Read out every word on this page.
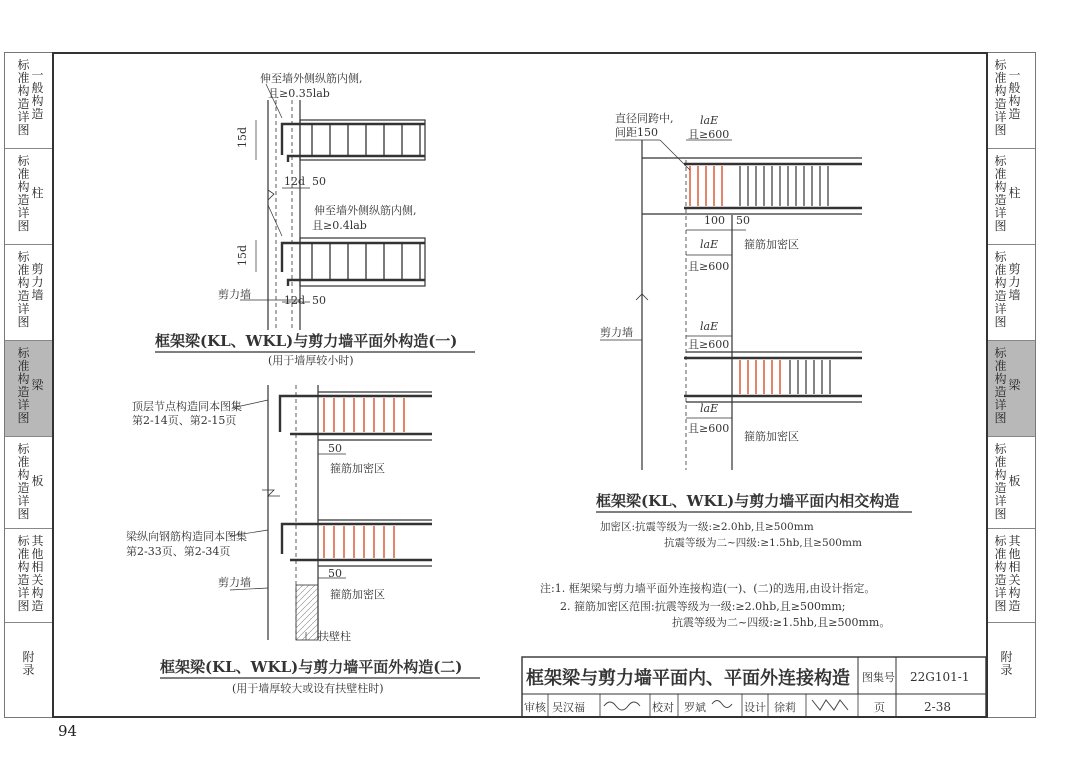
标准构造详图
一般构造
标准构造详图
柱
标准构造详图
剪力墙
标准构造详图
梁
标准构造详图
板
标准构造详图
其他相关构造
附录
标准构造详图
一般构造
标准构造详图
柱
标准构造详图
剪力墙
标准构造详图
梁
标准构造详图
板
标准构造详图
其他相关构造
附录
94
伸至墙外侧纵筋内侧,
且≥0.35lab
15d
12d 50
伸至墙外侧纵筋内侧,
且≥0.4lab
15d
剪力墙	12d 50
框架梁(KL、WKL)与剪力墙平面外构造(一)
(用于墙厚较小时)
顶层节点构造同本图集
第2-14页、第2-15页
50
箍筋加密区
梁纵向钢筋构造同本图集
第2-33页、第2-34页
剪力墙
50
箍筋加密区
扶壁柱
框架梁(KL、WKL)与剪力墙平面外构造(二)
(用于墙厚较大或设有扶壁柱时)
直径同跨中,
间距150
laE
且≥600
100 50
laE
且≥600
箍筋加密区
剪力墙	laE
且≥600
laE
且≥600
箍筋加密区
框架梁(KL、WKL)与剪力墙平面内相交构造
加密区:抗震等级为一级:≥2.0hb,且≥500mm
抗震等级为二~四级:≥1.5hb,且≥500mm
注:1. 框架梁与剪力墙平面外连接构造(一)、(二)的选用,由设计指定。
2. 箍筋加密区范围:抗震等级为一级:≥2.0hb,且≥500mm;
抗震等级为二~四级:≥1.5hb,且≥500mm。
框架梁与剪力墙平面内、平面外连接构造 图集号 22G101-1
审核 吴汉福	校对 罗斌	设计 徐莉	页	2-38
